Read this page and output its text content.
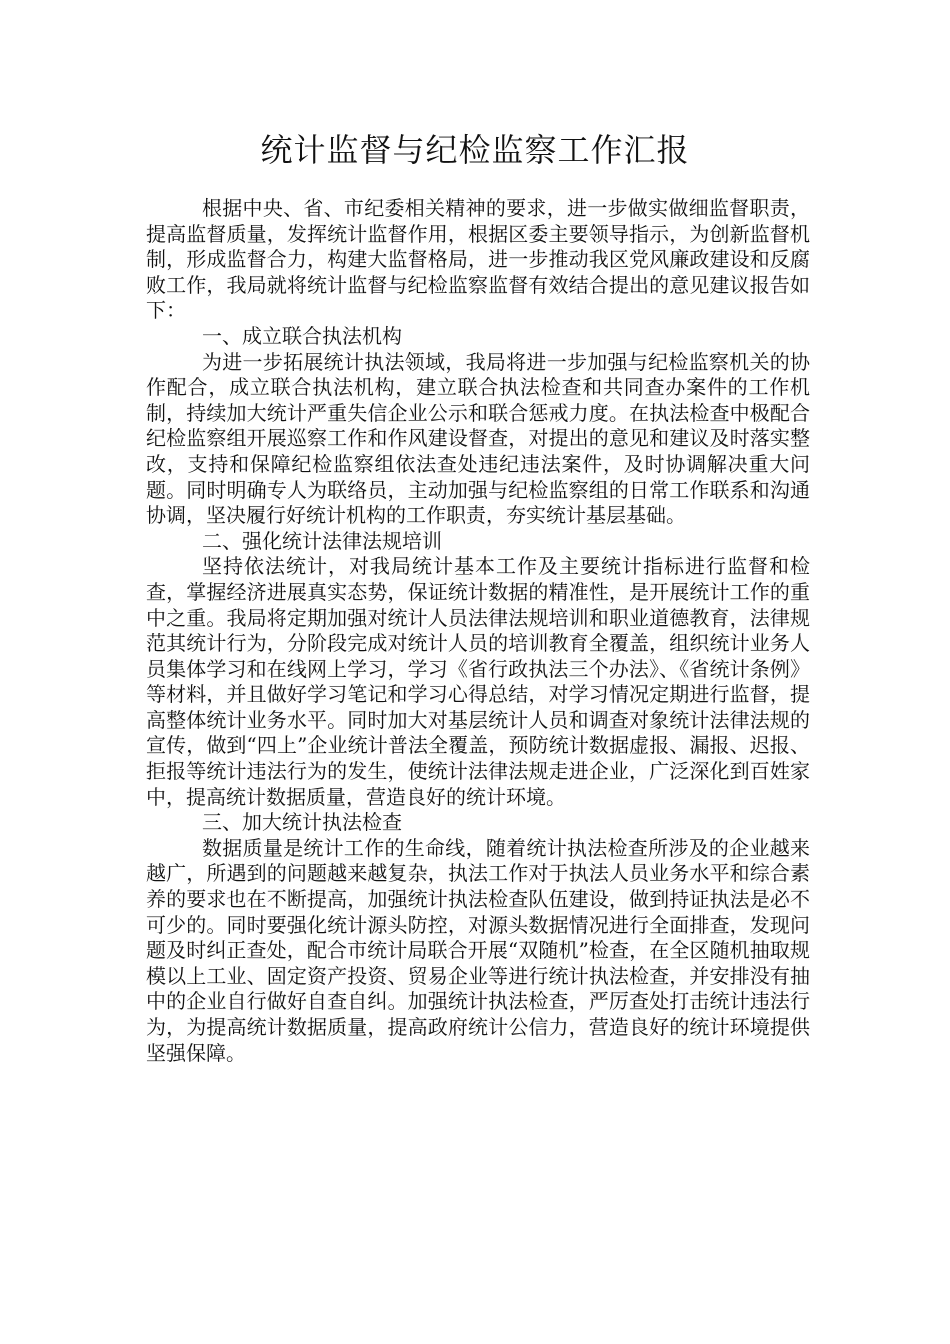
统计监督与纪检监察工作汇报

根据中央、省、市纪委相关精神的要求，进一步做实做细监督职责，提高监督质量，发挥统计监督作用，根据区委主要领导指示，为创新监督机制，形成监督合力，构建大监督格局，进一步推动我区党风廉政建设和反腐败工作，我局就将统计监督与纪检监察监督有效结合提出的意见建议报告如下：

一、成立联合执法机构

为进一步拓展统计执法领域，我局将进一步加强与纪检监察机关的协作配合，成立联合执法机构，建立联合执法检查和共同查办案件的工作机制，持续加大统计严重失信企业公示和联合惩戒力度。在执法检查中极配合纪检监察组开展巡察工作和作风建设督查，对提出的意见和建议及时落实整改，支持和保障纪检监察组依法查处违纪违法案件，及时协调解决重大问题。同时明确专人为联络员，主动加强与纪检监察组的日常工作联系和沟通协调，坚决履行好统计机构的工作职责，夯实统计基层基础。

二、强化统计法律法规培训

坚持依法统计，对我局统计基本工作及主要统计指标进行监督和检查，掌握经济进展真实态势，保证统计数据的精准性，是开展统计工作的重中之重。我局将定期加强对统计人员法律法规培训和职业道德教育，法律规范其统计行为，分阶段完成对统计人员的培训教育全覆盖，组织统计业务人员集体学习和在线网上学习，学习《省行政执法三个办法》、《省统计条例》等材料，并且做好学习笔记和学习心得总结，对学习情况定期进行监督，提高整体统计业务水平。同时加大对基层统计人员和调查对象统计法律法规的宣传，做到“四上”企业统计普法全覆盖，预防统计数据虚报、漏报、迟报、拒报等统计违法行为的发生，使统计法律法规走进企业，广泛深化到百姓家中，提高统计数据质量，营造良好的统计环境。

三、加大统计执法检查

数据质量是统计工作的生命线，随着统计执法检查所涉及的企业越来越广，所遇到的问题越来越复杂，执法工作对于执法人员业务水平和综合素养的要求也在不断提高，加强统计执法检查队伍建设，做到持证执法是必不可少的。同时要强化统计源头防控，对源头数据情况进行全面排查，发现问题及时纠正查处，配合市统计局联合开展“双随机”检查，在全区随机抽取规模以上工业、固定资产投资、贸易企业等进行统计执法检查，并安排没有抽中的企业自行做好自查自纠。加强统计执法检查，严厉查处打击统计违法行为，为提高统计数据质量，提高政府统计公信力，营造良好的统计环境提供坚强保障。
